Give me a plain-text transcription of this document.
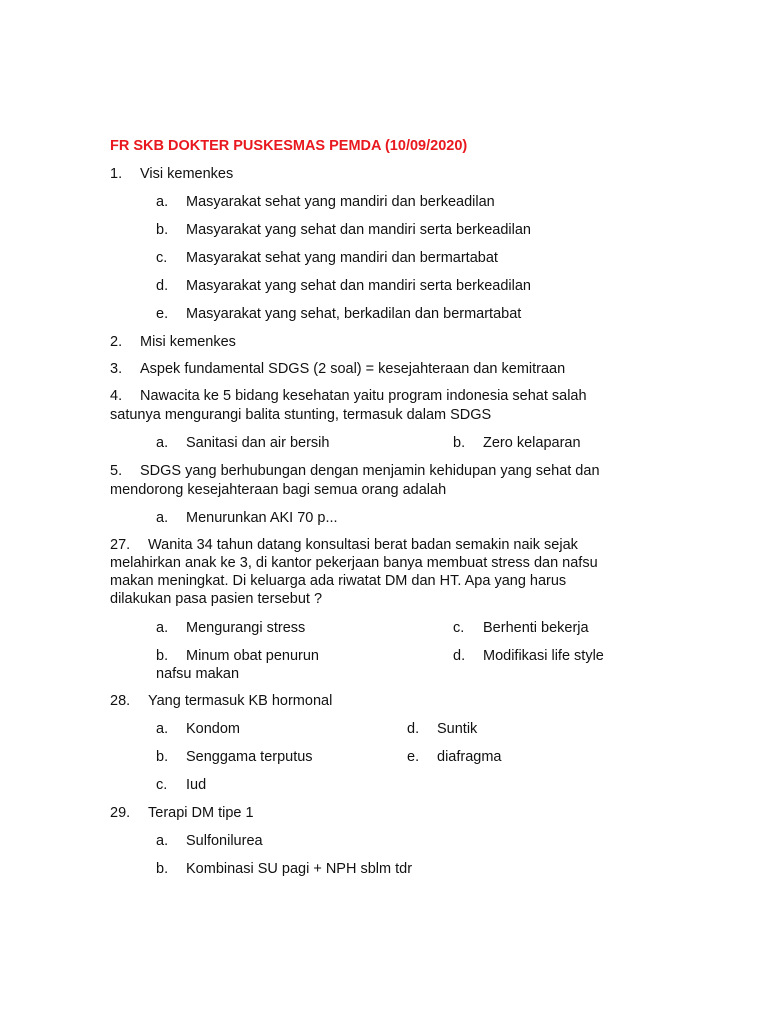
FR SKB DOKTER PUSKESMAS PEMDA (10/09/2020)
1. Visi kemenkes
a. Masyarakat sehat yang mandiri dan berkeadilan
b. Masyarakat yang sehat dan mandiri serta berkeadilan
c. Masyarakat sehat yang mandiri dan bermartabat
d. Masyarakat yang sehat dan mandiri serta berkeadilan
e. Masyarakat yang sehat, berkadilan dan bermartabat
2. Misi kemenkes
3. Aspek fundamental SDGS (2 soal) = kesejahteraan dan kemitraan
4. Nawacita ke 5 bidang kesehatan yaitu program indonesia sehat salah
satunya mengurangi balita stunting, termasuk dalam SDGS
a. Sanitasi dan air bersih	b. Zero kelaparan
5. SDGS yang berhubungan dengan menjamin kehidupan yang sehat dan
mendorong kesejahteraan bagi semua orang adalah
a. Menurunkan AKI 70 p...
27. Wanita 34 tahun datang konsultasi berat badan semakin naik sejak
melahirkan anak ke 3, di kantor pekerjaan banya membuat stress dan nafsu
makan meningkat. Di keluarga ada riwatat DM dan HT. Apa yang harus
dilakukan pasa pasien tersebut ?
a. Mengurangi stress	c. Berhenti bekerja
b. Minum obat penurun
nafsu makan
d. Modifikasi life style
28. Yang termasuk KB hormonal
a. Kondom	d. Suntik
b. Senggama terputus	e. diafragma
c. Iud
29. Terapi DM tipe 1
a. Sulfonilurea
b. Kombinasi SU pagi + NPH sblm tdr
